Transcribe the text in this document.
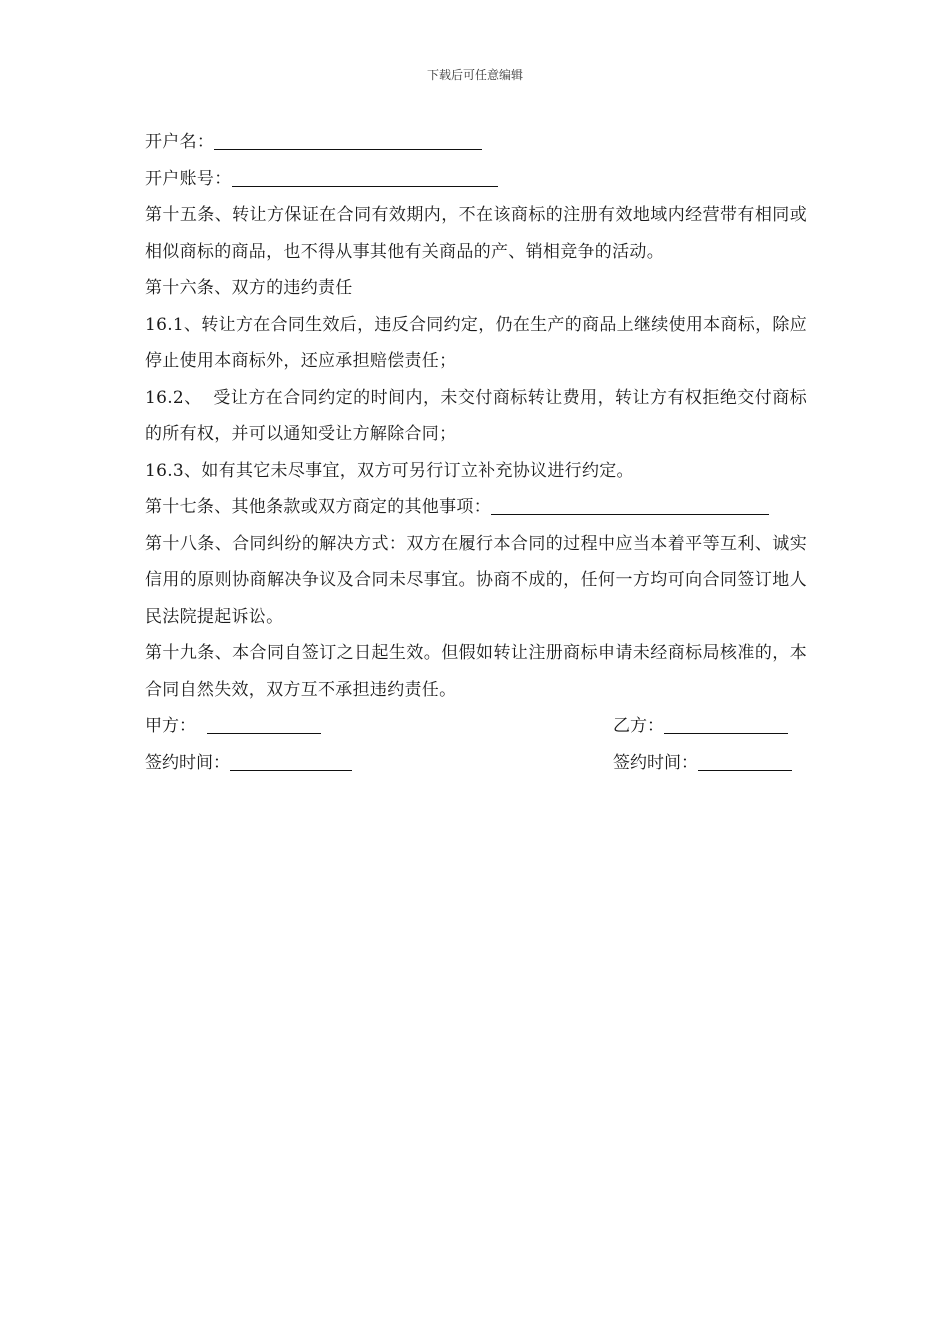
下载后可任意编辑

开户名：

开户账号：

第十五条、转让方保证在合同有效期内，不在该商标的注册有效地域内经营带有相同或相似商标的商品，也不得从事其他有关商品的产、销相竞争的活动。

第十六条、双方的违约责任

16.1、转让方在合同生效后，违反合同约定，仍在生产的商品上继续使用本商标，除应停止使用本商标外，还应承担赔偿责任；

16.2、  受让方在合同约定的时间内，未交付商标转让费用，转让方有权拒绝交付商标的所有权，并可以通知受让方解除合同；

16.3、如有其它未尽事宜，双方可另行订立补充协议进行约定。

第十七条、其他条款或双方商定的其他事项：

第十八条、合同纠纷的解决方式：双方在履行本合同的过程中应当本着平等互利、诚实信用的原则协商解决争议及合同未尽事宜。协商不成的，任何一方均可向合同签订地人民法院提起诉讼。

第十九条、本合同自签订之日起生效。但假如转让注册商标申请未经商标局核准的，本合同自然失效，双方互不承担违约责任。

甲方：	乙方：
签约时间：	签约时间：
